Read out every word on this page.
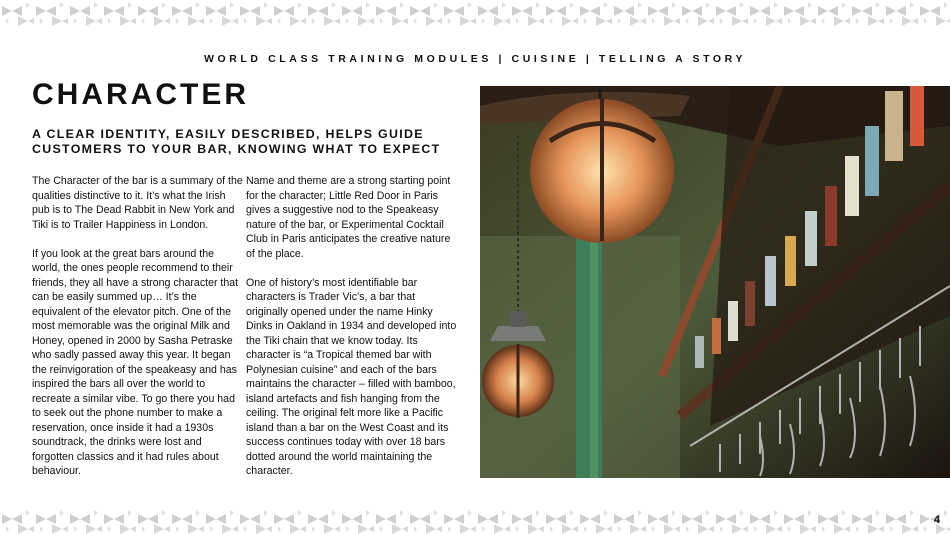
WORLD CLASS TRAINING MODULES | CUISINE | TELLING A STORY
CHARACTER
A CLEAR IDENTITY, EASILY DESCRIBED, HELPS GUIDE CUSTOMERS TO YOUR BAR, KNOWING WHAT TO EXPECT

The Character of the bar is a summary of the qualities distinctive to it. It’s what the Irish pub is to The Dead Rabbit in New York and Tiki is to Trailer Happiness in London.

If you look at the great bars around the world, the ones people recommend to their friends, they all have a strong character that can be easily summed up… It’s the equivalent of the elevator pitch. One of the most memorable was the original Milk and Honey, opened in 2000 by Sasha Petraske who sadly passed away this year. It began the reinvigoration of the speakeasy and has inspired the bars all over the world to recreate a similar vibe. To go there you had to seek out the phone number to make a reservation, once inside it had a 1930s soundtrack, the drinks were lost and forgotten classics and it had rules about behaviour.

Name and theme are a strong starting point for the character; Little Red Door in Paris gives a suggestive nod to the Speakeasy nature of the bar, or Experimental Cocktail Club in Paris anticipates the creative nature of the place.

One of history’s most identifiable bar characters is Trader Vic's, a bar that originally opened under the name Hinky Dinks in Oakland in 1934 and developed into the Tiki chain that we know today. Its character is “a Tropical themed bar with Polynesian cuisine” and each of the bars maintains the character – filled with bamboo, island artefacts and fish hanging from the ceiling. The original felt more like a Pacific island than a bar on the West Coast and its success continues today with over 18 bars dotted around the world maintaining the character.

4
